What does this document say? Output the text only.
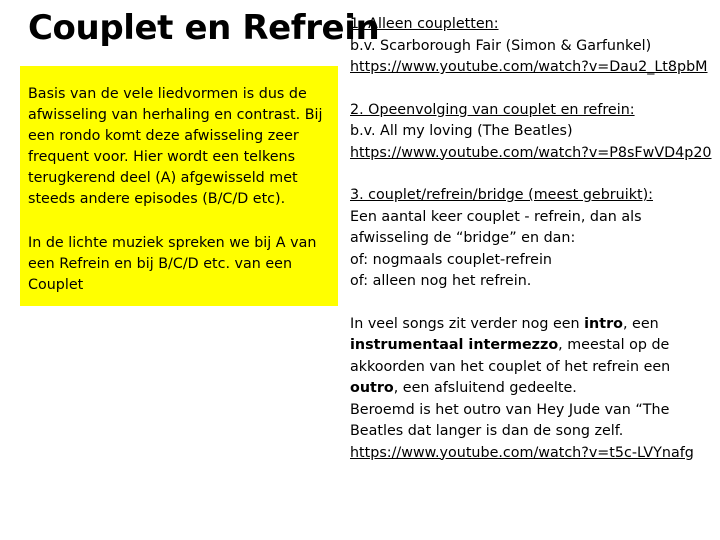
Couplet en Refrein
Basis van de vele liedvormen is dus de afwisseling van herhaling en contrast. Bij een rondo komt deze afwisseling zeer frequent voor. Hier wordt een telkens terugkerend deel (A) afgewisseld met steeds andere episodes (B/C/D etc).
In de lichte muziek spreken we bij A van een Refrein en bij B/C/D etc. van een Couplet
1. Alleen coupletten:
b.v. Scarborough Fair (Simon & Garfunkel)
https://www.youtube.com/watch?v=Dau2_Lt8pbM
2. Opeenvolging van couplet en refrein:
b.v. All my loving (The Beatles)
https://www.youtube.com/watch?v=P8sFwVD4p20
3. couplet/refrein/bridge (meest gebruikt):
Een aantal keer couplet - refrein, dan als afwisseling de “bridge” en dan:
of: nogmaals couplet-refrein
of: alleen nog het refrein.
In veel songs zit verder nog een intro, een instrumentaal intermezzo, meestal op de akkoorden van het couplet of het refrein een outro, een afsluitend gedeelte.
Beroemd is het outro van Hey Jude van “The Beatles dat langer is dan de song zelf.
https://www.youtube.com/watch?v=t5c-LVYnafg
